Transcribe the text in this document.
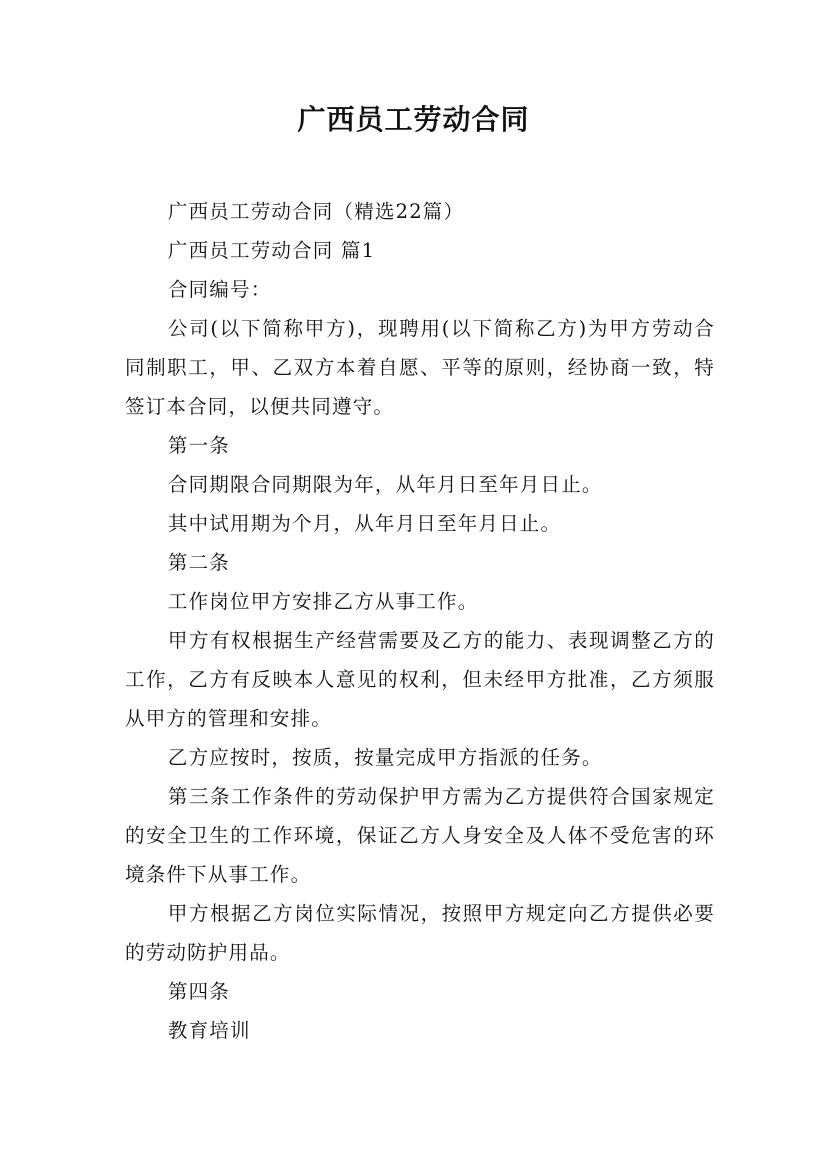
广西员工劳动合同

广西员工劳动合同（精选22篇）

广西员工劳动合同 篇1

合同编号：

公司(以下简称甲方)，现聘用(以下简称乙方)为甲方劳动合同制职工，甲、乙双方本着自愿、平等的原则，经协商一致，特签订本合同，以便共同遵守。

第一条

合同期限合同期限为年，从年月日至年月日止。

其中试用期为个月，从年月日至年月日止。

第二条

工作岗位甲方安排乙方从事工作。

甲方有权根据生产经营需要及乙方的能力、表现调整乙方的工作，乙方有反映本人意见的权利，但未经甲方批准，乙方须服从甲方的管理和安排。

乙方应按时，按质，按量完成甲方指派的任务。

第三条工作条件的劳动保护甲方需为乙方提供符合国家规定的安全卫生的工作环境，保证乙方人身安全及人体不受危害的环境条件下从事工作。

甲方根据乙方岗位实际情况，按照甲方规定向乙方提供必要的劳动防护用品。

第四条

教育培训
